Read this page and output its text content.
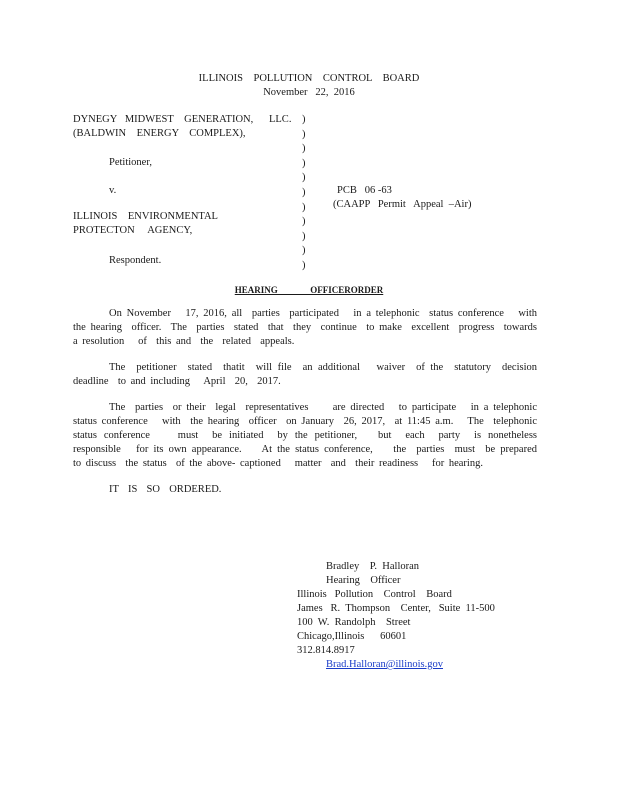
ILLINOIS    POLLUTION    CONTROL    BOARD
November   22,  2016
DYNEGY   MIDWEST    GENERATION,      LLC.
(BALDWIN    ENERGY    COMPLEX),
Petitioner,
v.
ILLINOIS    ENVIRONMENTAL
PROTECTON     AGENCY,
Respondent.
)
)
)
)
)
)
)
)
)
)
)
PCB   06 -63
(CAAPP   Permit   Appeal  –Air)
HEARING  OFFICERORDER
On November   17, 2016, all  parties  participated   in a telephonic  status conference   with  the hearing  officer.  The  parties  stated  that  they  continue  to make  excellent  progress  towards   a resolution   of  this and  the  related  appeals.
The  petitioner  stated  thatit  will file  an additional   waiver  of the  statutory  decision deadline  to and including   April  20,  2017.
The  parties  or their  legal  representatives     are directed   to participate   in a telephonic   status conference   with  the hearing  officer  on January  26, 2017,  at 11:45 a.m.   The  telephonic  status conference    must  be initiated  by the petitioner,   but  each  party  is nonetheless   responsible   for its own appearance.    At the status conference,    the  parties  must  be prepared   to discuss  the status  of the above- captioned   matter  and  their readiness   for hearing.
IT  IS  SO  ORDERED.
Bradley    P.  Halloran
Hearing    Officer
Illinois   Pollution    Control    Board
James   R.  Thompson    Center,   Suite  11-500
100  W.  Randolph    Street
Chicago,Illinois      60601
312.814.8917
Brad.Halloran@illinois.gov
